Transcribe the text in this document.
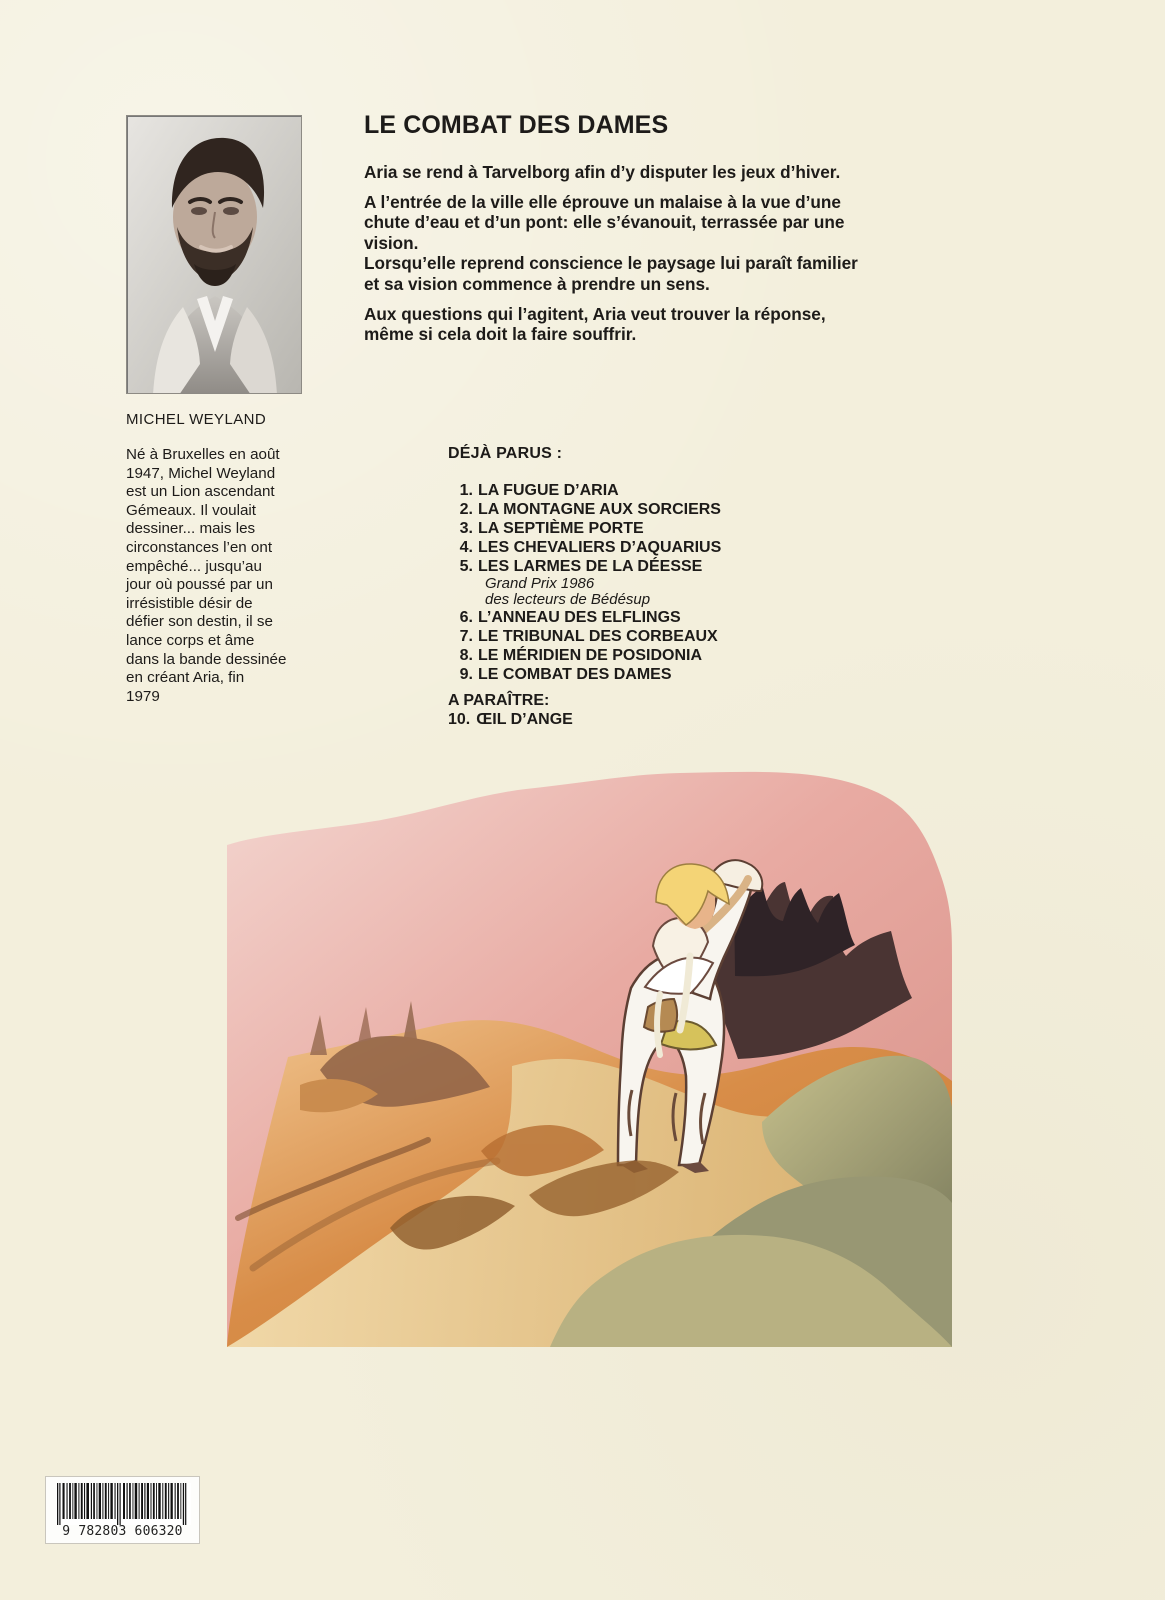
MICHEL WEYLAND
Né à Bruxelles en août
1947, Michel Weyland
est un Lion ascendant
Gémeaux. Il voulait
dessiner... mais les
circonstances l’en ont
empêché... jusqu’au
jour où poussé par un
irrésistible désir de
défier son destin, il se
lance corps et âme
dans la bande dessinée
en créant Aria, fin
1979
LE COMBAT DES DAMES

Aria se rend à Tarvelborg afin d’y disputer les jeux d’hiver.

A l’entrée de la ville elle éprouve un malaise à la vue d’une
chute d’eau et d’un pont: elle s’évanouit, terrassée par une
vision.
Lorsqu’elle reprend conscience le paysage lui paraît familier
et sa vision commence à prendre un sens.

Aux questions qui l’agitent, Aria veut trouver la réponse,
même si cela doit la faire souffrir.

DÉJÀ PARUS :
1. LA FUGUE D’ARIA
2. LA MONTAGNE AUX SORCIERS
3. LA SEPTIÈME PORTE
4. LES CHEVALIERS D’AQUARIUS
5. LES LARMES DE LA DÉESSE
Grand Prix 1986
des lecteurs de Bédésup
6. L’ANNEAU DES ELFLINGS
7. LE TRIBUNAL DES CORBEAUX
8. LE MÉRIDIEN DE POSIDONIA
9. LE COMBAT DES DAMES
A PARAÎTRE:
10. ŒIL D’ANGE
9 782803 606320
